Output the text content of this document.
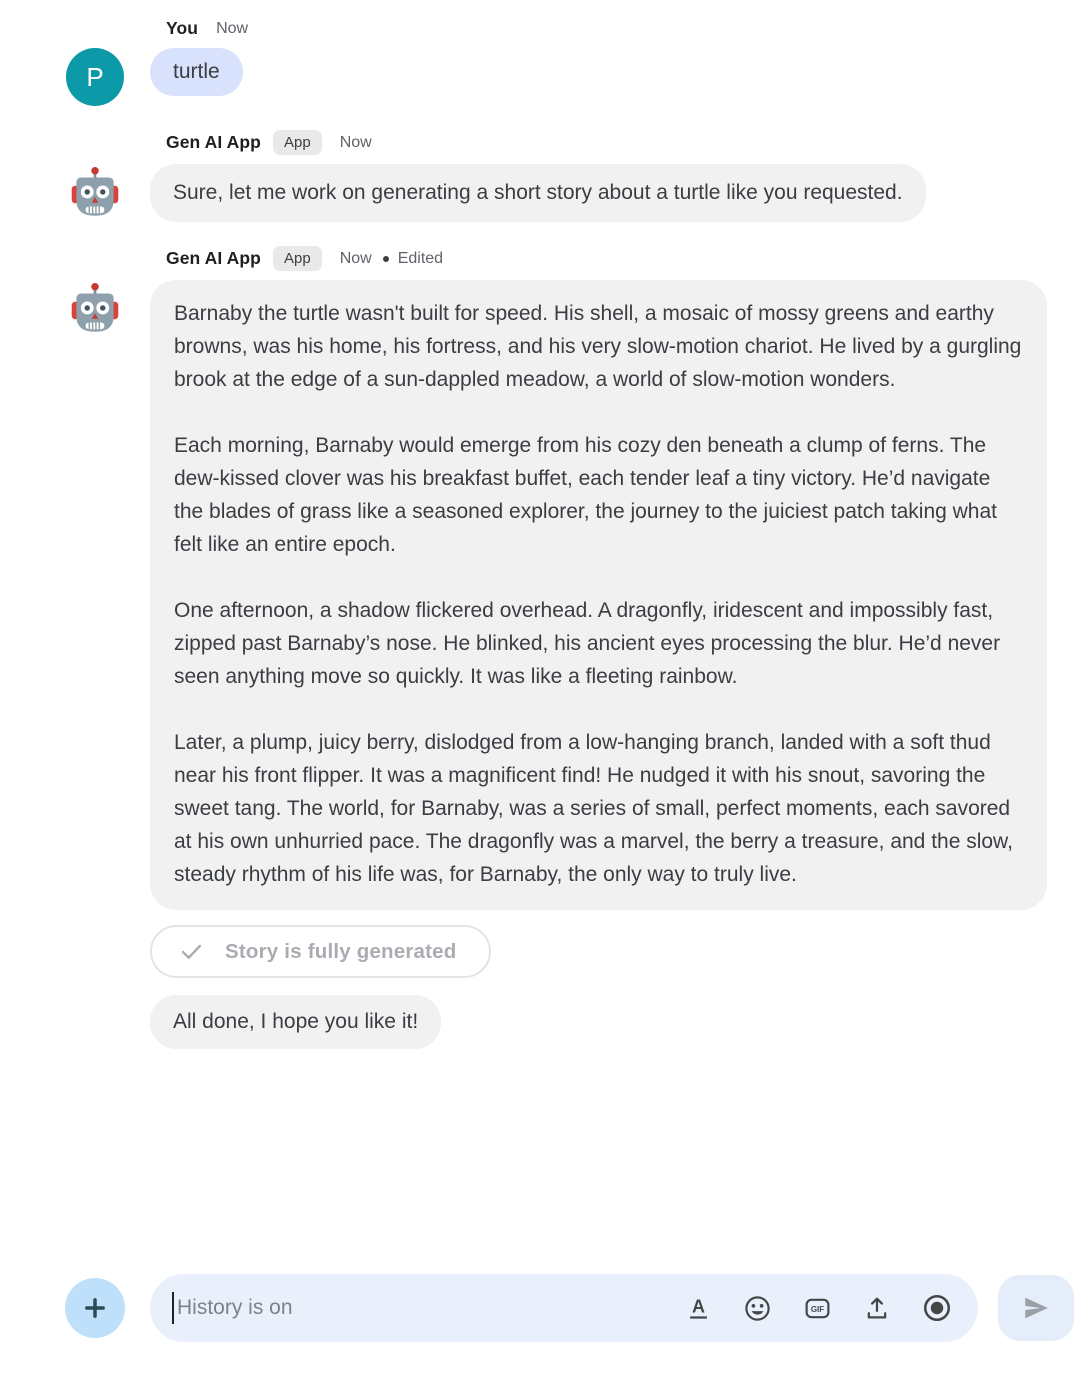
You Now
P	turtle
Gen AI App	App	Now
Sure, let me work on generating a short story about a turtle like you requested.
Gen AI App	App	Now Edited

Barnaby the turtle wasn't built for speed. His shell, a mosaic of mossy greens and earthy browns, was his home, his fortress, and his very slow-motion chariot. He lived by a gurgling brook at the edge of a sun-dappled meadow, a world of slow-motion wonders.

Each morning, Barnaby would emerge from his cozy den beneath a clump of ferns. The dew-kissed clover was his breakfast buffet, each tender leaf a tiny victory. He’d navigate the blades of grass like a seasoned explorer, the journey to the juiciest patch taking what felt like an entire epoch.

One afternoon, a shadow flickered overhead. A dragonfly, iridescent and impossibly fast, zipped past Barnaby’s nose. He blinked, his ancient eyes processing the blur. He’d never seen anything move so quickly. It was like a fleeting rainbow.

Later, a plump, juicy berry, dislodged from a low-hanging branch, landed with a soft thud near his front flipper. It was a magnificent find! He nudged it with his snout, savoring the sweet tang. The world, for Barnaby, was a series of small, perfect moments, each savored at his own unhurried pace. The dragonfly was a marvel, the berry a treasure, and the slow, steady rhythm of his life was, for Barnaby, the only way to truly live.

Story is fully generated
All done, I hope you like it!
History is on	A	GIF
